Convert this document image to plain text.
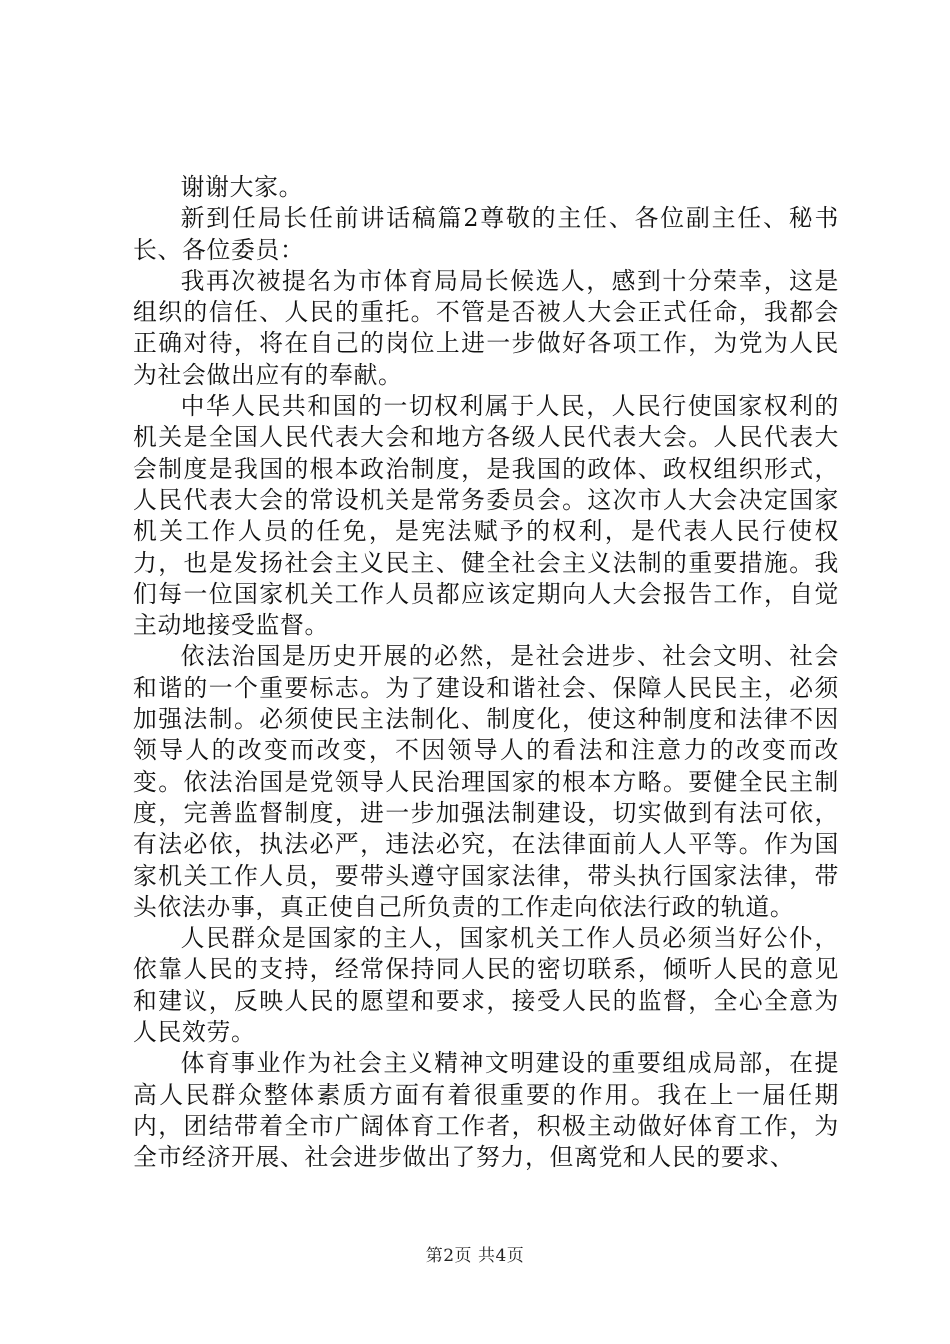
谢谢大家。

新到任局长任前讲话稿篇2尊敬的主任、各位副主任、秘书长、各位委员：

我再次被提名为市体育局局长候选人，感到十分荣幸，这是组织的信任、人民的重托。不管是否被人大会正式任命，我都会正确对待，将在自己的岗位上进一步做好各项工作，为党为人民为社会做出应有的奉献。

中华人民共和国的一切权利属于人民，人民行使国家权利的机关是全国人民代表大会和地方各级人民代表大会。人民代表大会制度是我国的根本政治制度，是我国的政体、政权组织形式，人民代表大会的常设机关是常务委员会。这次市人大会决定国家机关工作人员的任免，是宪法赋予的权利，是代表人民行使权力，也是发扬社会主义民主、健全社会主义法制的重要措施。我们每一位国家机关工作人员都应该定期向人大会报告工作，自觉主动地接受监督。

依法治国是历史开展的必然，是社会进步、社会文明、社会和谐的一个重要标志。为了建设和谐社会、保障人民民主，必须加强法制。必须使民主法制化、制度化，使这种制度和法律不因领导人的改变而改变，不因领导人的看法和注意力的改变而改变。依法治国是党领导人民治理国家的根本方略。要健全民主制度，完善监督制度，进一步加强法制建设，切实做到有法可依，有法必依，执法必严，违法必究，在法律面前人人平等。作为国家机关工作人员，要带头遵守国家法律，带头执行国家法律，带头依法办事，真正使自己所负责的工作走向依法行政的轨道。

人民群众是国家的主人，国家机关工作人员必须当好公仆，依靠人民的支持，经常保持同人民的密切联系，倾听人民的意见和建议，反映人民的愿望和要求，接受人民的监督，全心全意为人民效劳。

体育事业作为社会主义精神文明建设的重要组成局部，在提高人民群众整体素质方面有着很重要的作用。我在上一届任期内，团结带着全市广阔体育工作者，积极主动做好体育工作，为全市经济开展、社会进步做出了努力，但离党和人民的要求、

第2页 共4页
